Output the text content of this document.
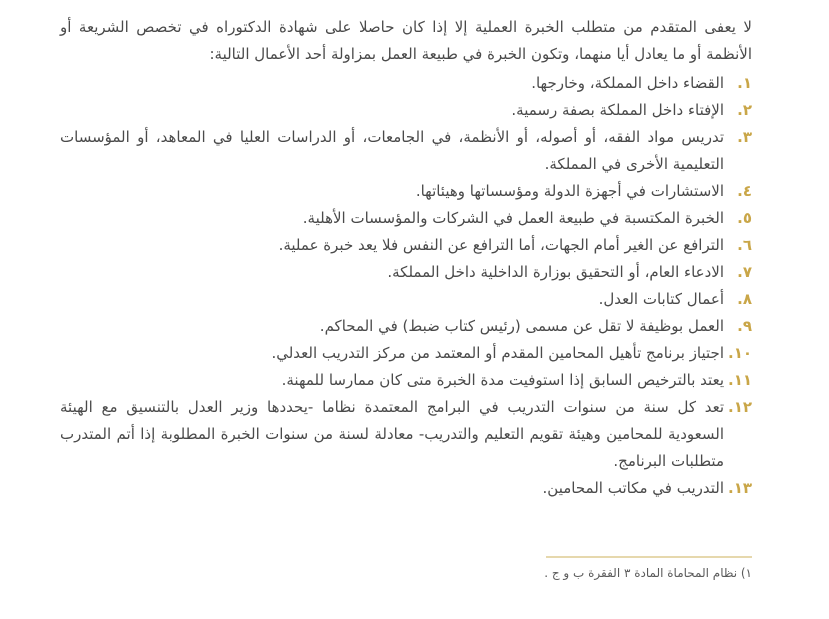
لا يعفى المتقدم من متطلب الخبرة العملية إلا إذا كان حاصلا على شهادة الدكتوراه في تخصص الشريعة أو الأنظمة أو ما يعادل أيا منهما، وتكون الخبرة في طبيعة العمل بمزاولة أحد الأعمال التالية:

١.
القضاء داخل المملكة، وخارجها.
٢.
الإفتاء داخل المملكة بصفة رسمية.
٣.
تدريس مواد الفقه، أو أصوله، أو الأنظمة، في الجامعات، أو الدراسات العليا في المعاهد، أو المؤسسات التعليمية الأخرى في المملكة.
٤.
الاستشارات في أجهزة الدولة ومؤسساتها وهيئاتها.
٥.
الخبرة المكتسبة في طبيعة العمل في الشركات والمؤسسات الأهلية.
٦.
الترافع عن الغير أمام الجهات، أما الترافع عن النفس فلا يعد خبرة عملية.
٧.
الادعاء العام، أو التحقيق بوزارة الداخلية داخل المملكة.
٨.
أعمال كتابات العدل.
٩.
العمل بوظيفة لا تقل عن مسمى (رئيس كتاب ضبط) في المحاكم.
١٠.
اجتياز برنامج تأهيل المحامين المقدم أو المعتمد من مركز التدريب العدلي.
١١.
يعتد بالترخيص السابق إذا استوفيت مدة الخبرة متى كان ممارسا للمهنة.
١٢.
تعد كل سنة من سنوات التدريب في البرامج المعتمدة نظاما -يحددها وزير العدل بالتنسيق مع الهيئة السعودية للمحامين وهيئة تقويم التعليم والتدريب- معادلة لسنة من سنوات الخبرة المطلوبة إذا أتم المتدرب متطلبات البرنامج.
١٣.
التدريب في مكاتب المحامين.
١) نظام المحاماة المادة ٣ الفقرة ب و ج .
